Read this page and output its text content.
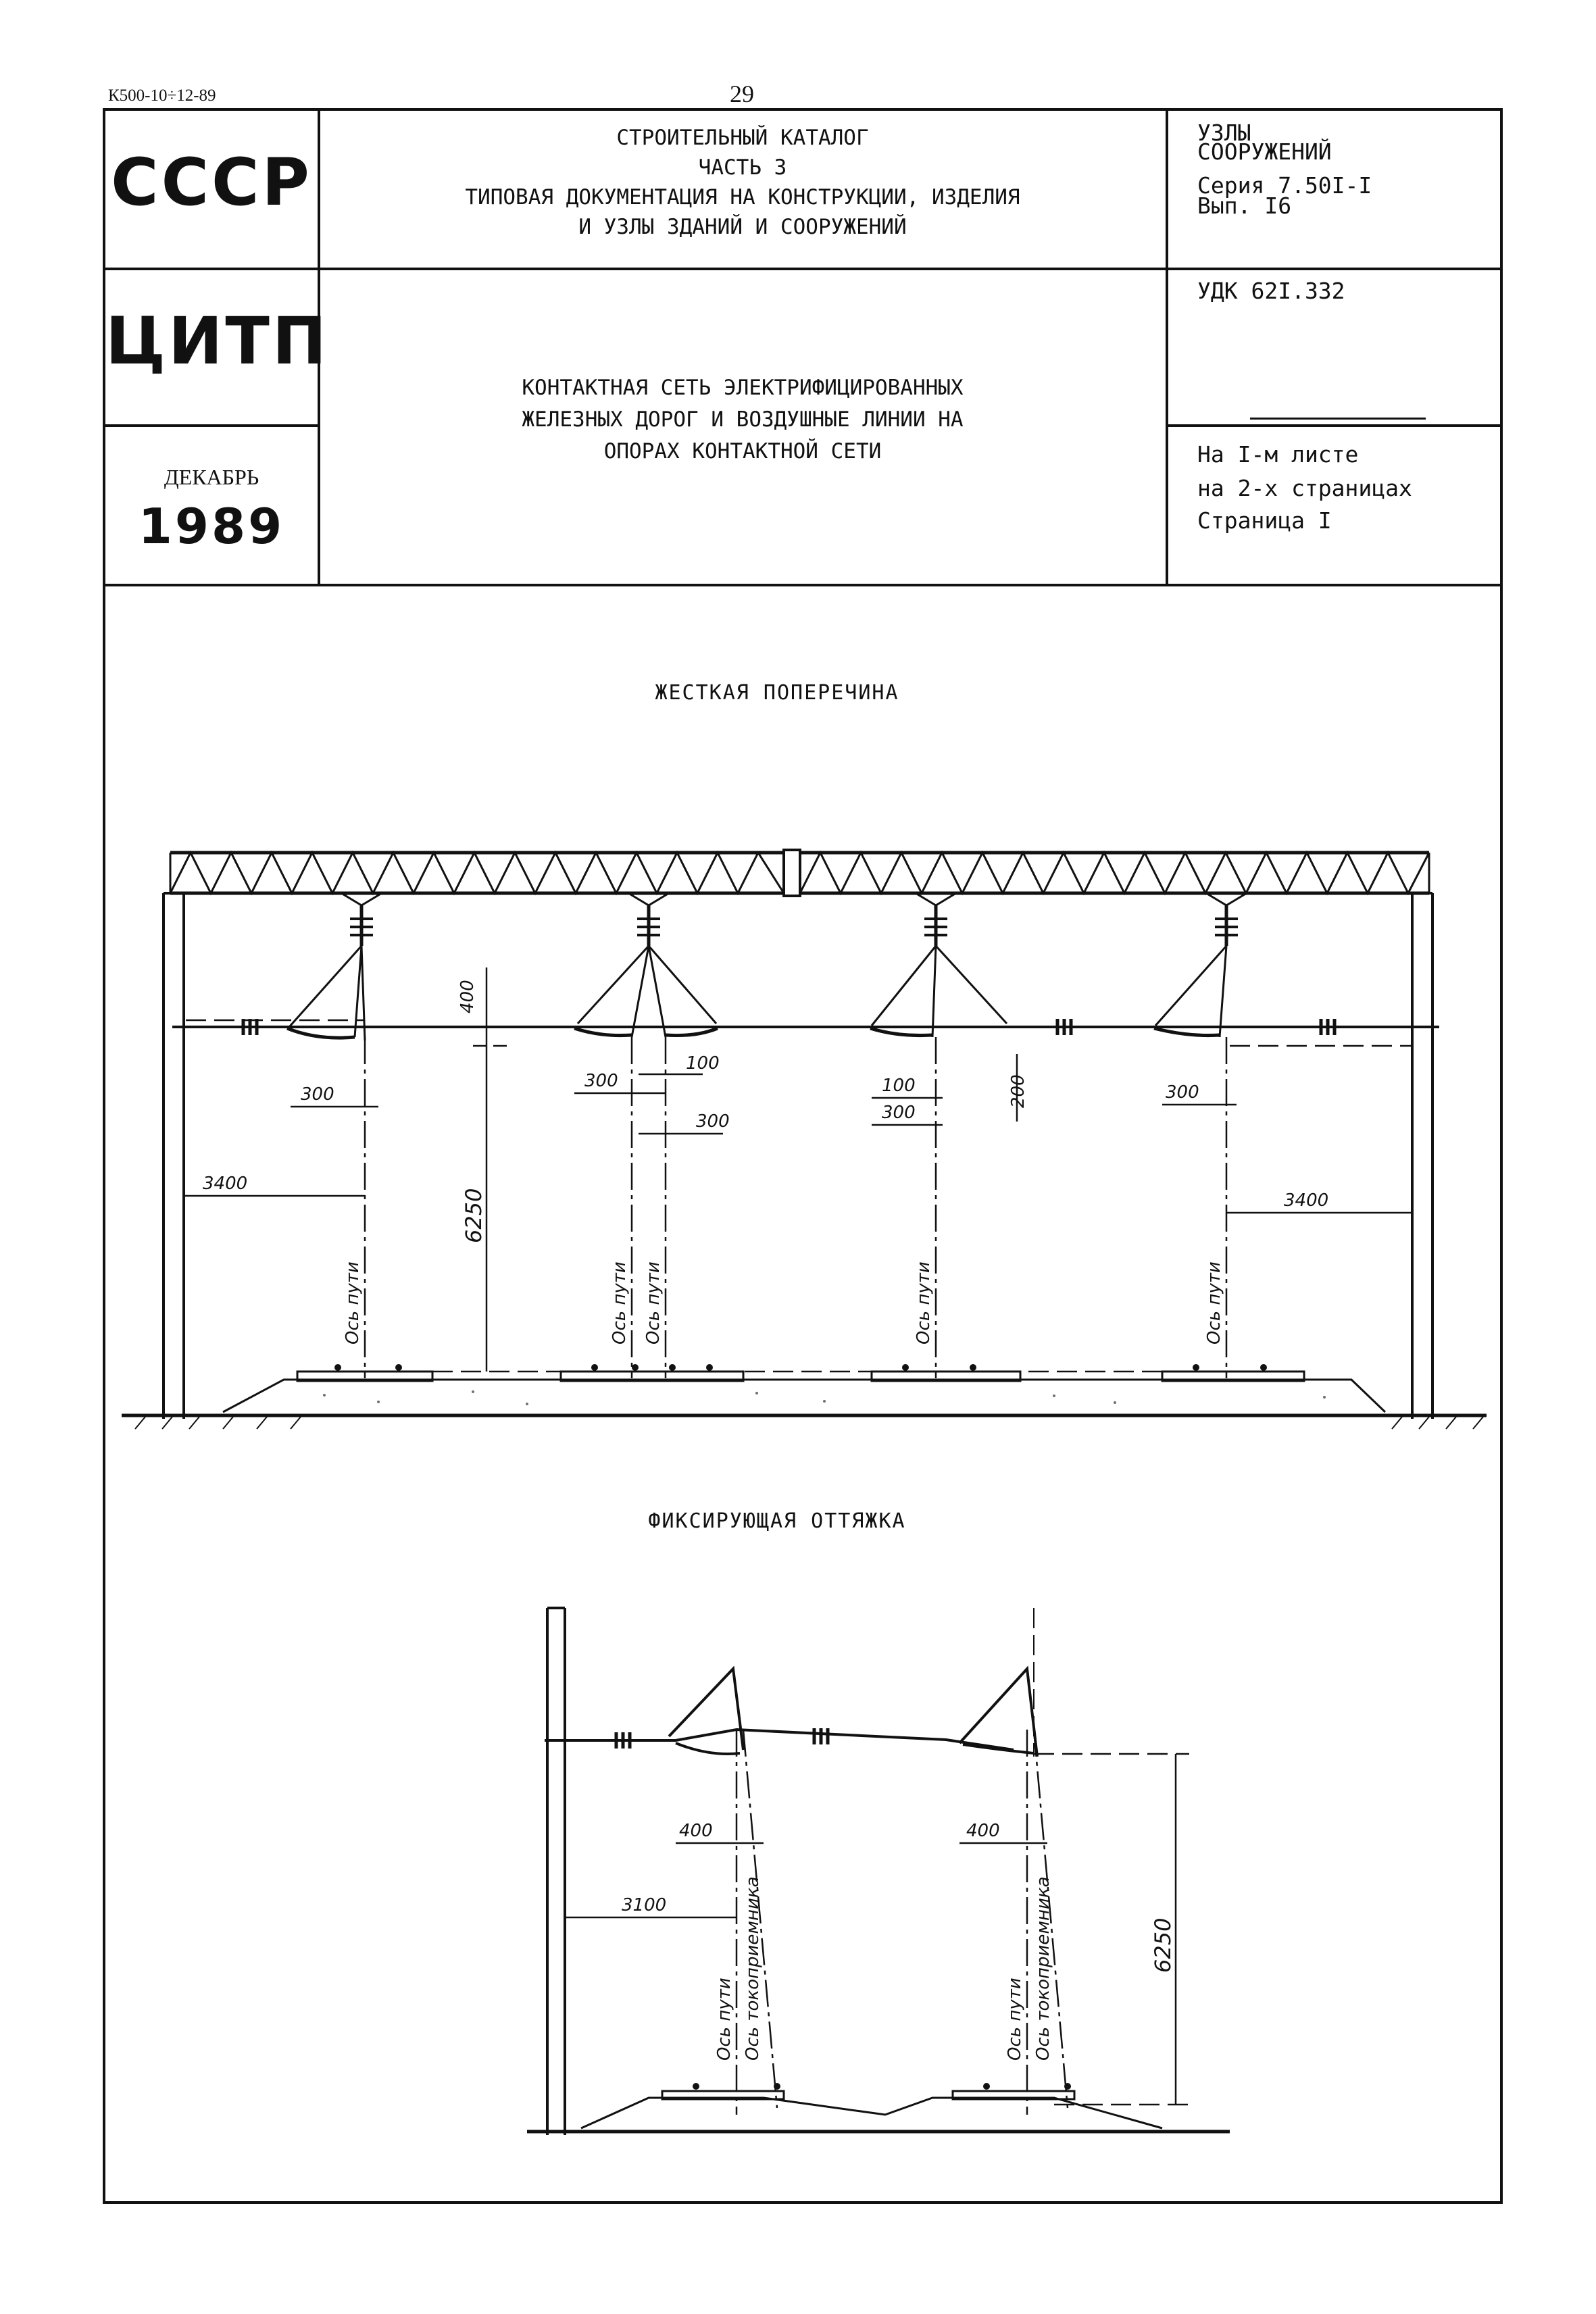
К500-10÷12-89	29
СССР
ЦИТП
ДЕКАБРЬ
1989
СТРОИТЕЛЬНЫЙ КАТАЛОГ
ЧАСТЬ 3
ТИПОВАЯ ДОКУМЕНТАЦИЯ НА КОНСТРУКЦИИ, ИЗДЕЛИЯ
И УЗЛЫ ЗДАНИЙ И СООРУЖЕНИЙ
КОНТАКТНАЯ СЕТЬ ЭЛЕКТРИФИЦИРОВАННЫХ
ЖЕЛЕЗНЫХ ДОРОГ И ВОЗДУШНЫЕ ЛИНИИ НА
ОПОРАХ КОНТАКТНОЙ СЕТИ
УЗЛЫ
СООРУЖЕНИЙ
Серия 7.50I-I
Вып. I6
УДК 62I.332
На I-м листе
на 2-х страницах
Страница I
ЖЕСТКАЯ ПОПЕРЕЧИНА
ФИКСИРУЮЩАЯ ОТТЯЖКА
400
6250
200
3400
3400
300
300
300	300
300
100
100
Ось пути	Ось пути Ось пути	Ось пути	Ось пути
400	400
3100
6250
Ось пути	Ось пути
Ось токоприемника	Ось токоприемника
